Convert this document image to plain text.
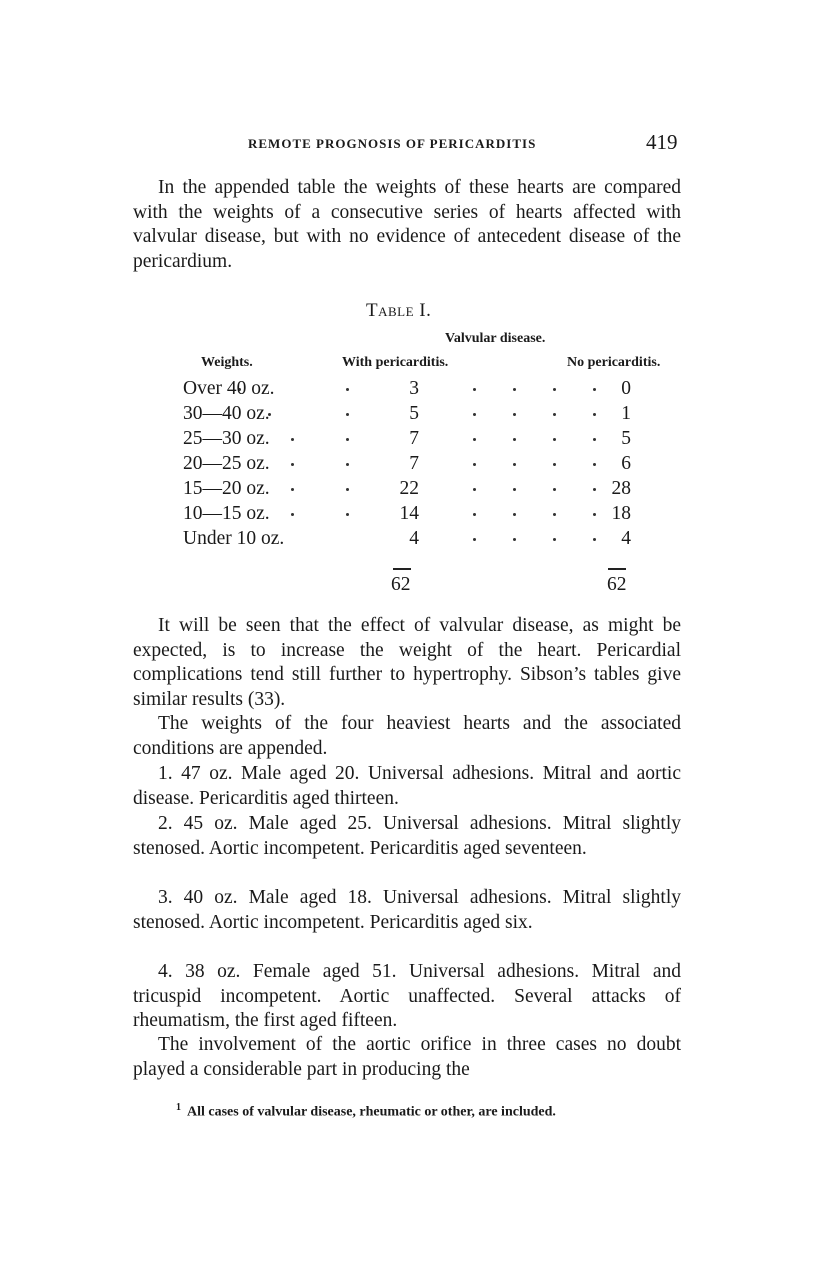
REMOTE PROGNOSIS OF PERICARDITIS	419

In the appended table the weights of these hearts are compared with the weights of a consecutive series of hearts affected with valvular disease, but with no evidence of antecedent disease of the pericardium.

Table I.
Valvular disease.
Weights.	With pericarditis.	No pericarditis.
Over 40 oz.	3	0
30—40 oz.	5	1
25—30 oz.	7	5
20—25 oz.	7	6
15—20 oz.	22	28
10—15 oz.	14	18
Under 10 oz.	4	4
62	62

It will be seen that the effect of valvular disease, as might be expected, is to increase the weight of the heart. Pericardial complications tend still further to hypertrophy. Sibson’s tables give similar results (33).

The weights of the four heaviest hearts and the associated conditions are appended.

1. 47 oz. Male aged 20. Universal adhesions. Mitral and aortic disease. Pericarditis aged thirteen.

2. 45 oz. Male aged 25. Universal adhesions. Mitral slightly stenosed. Aortic incompetent. Pericarditis aged seventeen.

3. 40 oz. Male aged 18. Universal adhesions. Mitral slightly stenosed. Aortic incompetent. Pericarditis aged six.

4. 38 oz. Female aged 51. Universal adhesions. Mitral and tricuspid incompetent. Aortic unaffected. Several attacks of rheumatism, the first aged fifteen.

The involvement of the aortic orifice in three cases no doubt played a considerable part in producing the

$^1$ All cases of valvular disease, rheumatic or other, are included.
